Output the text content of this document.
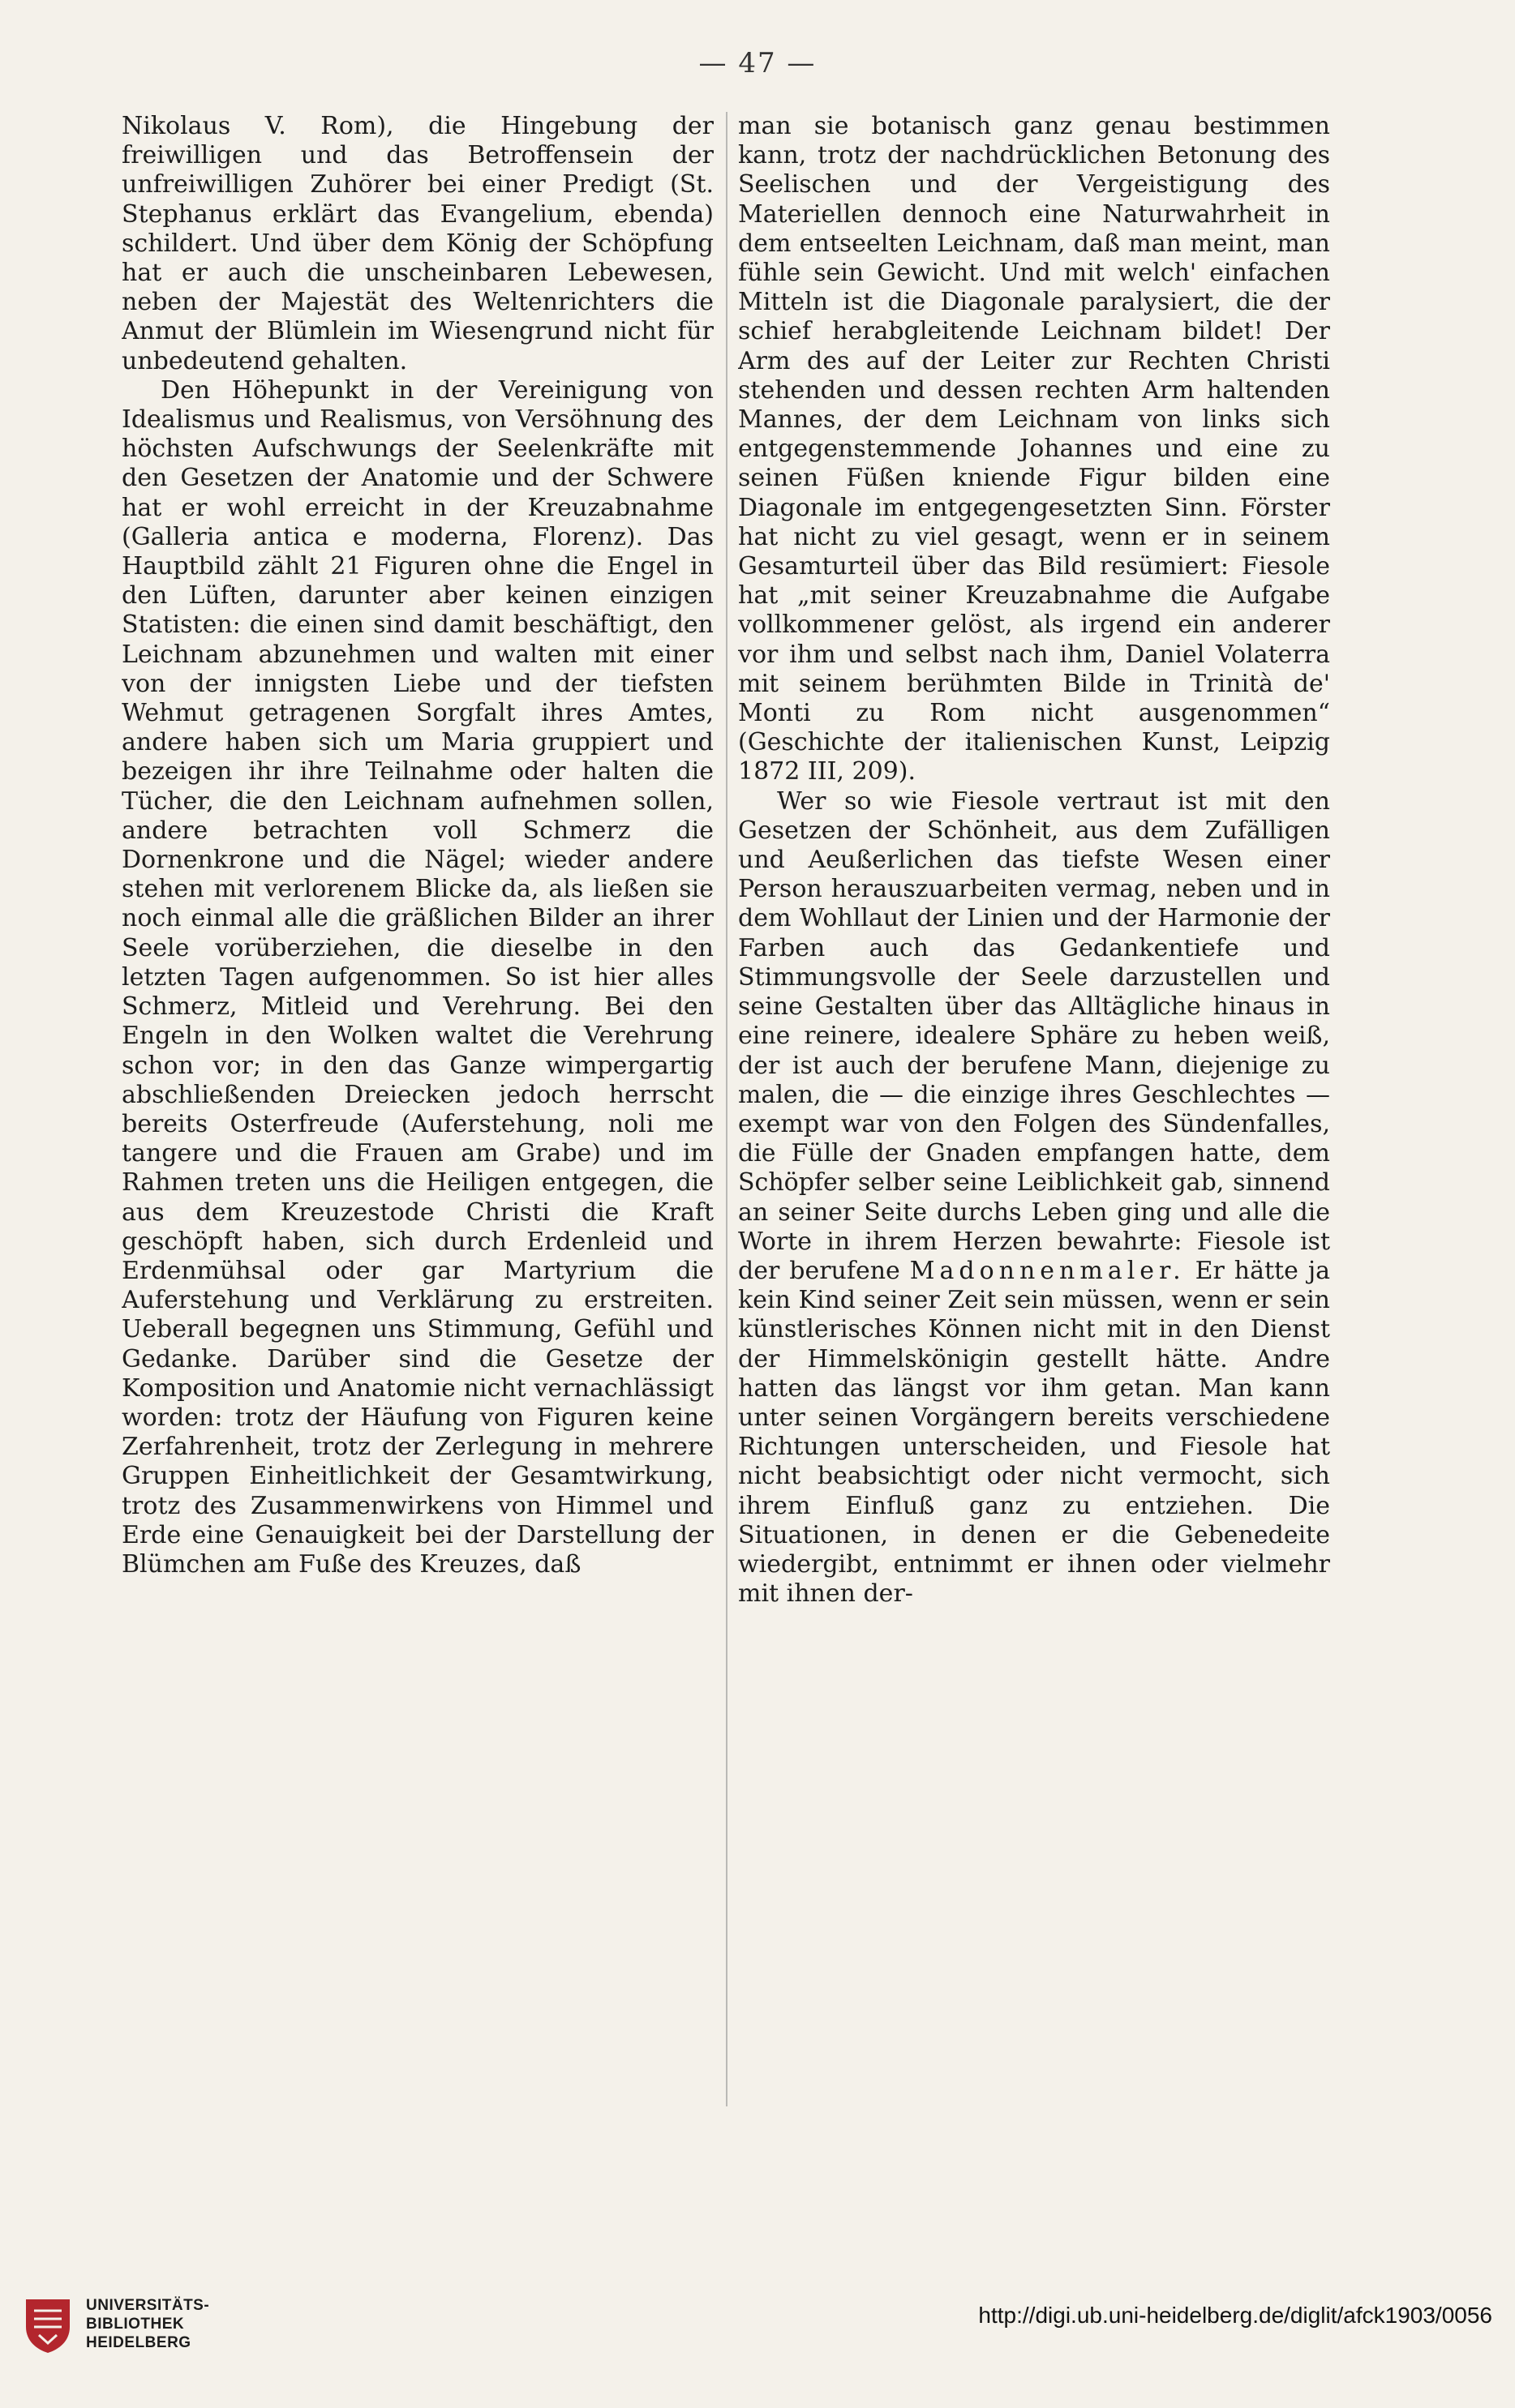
— 47 —

Nikolaus V. Rom), die Hingebung der freiwilligen und das Betroffensein der unfreiwilligen Zuhörer bei einer Predigt (St. Stephanus erklärt das Evangelium, ebenda) schildert. Und über dem König der Schöpfung hat er auch die unscheinbaren Lebewesen, neben der Majestät des Weltenrichters die Anmut der Blümlein im Wiesengrund nicht für unbedeutend gehalten.

Den Höhepunkt in der Vereinigung von Idealismus und Realismus, von Versöhnung des höchsten Aufschwungs der Seelenkräfte mit den Gesetzen der Anatomie und der Schwere hat er wohl erreicht in der Kreuzabnahme (Galleria antica e moderna, Florenz). Das Hauptbild zählt 21 Figuren ohne die Engel in den Lüften, darunter aber keinen einzigen Statisten: die einen sind damit beschäftigt, den Leichnam abzunehmen und walten mit einer von der innigsten Liebe und der tiefsten Wehmut getragenen Sorgfalt ihres Amtes, andere haben sich um Maria gruppiert und bezeigen ihr ihre Teilnahme oder halten die Tücher, die den Leichnam aufnehmen sollen, andere betrachten voll Schmerz die Dornenkrone und die Nägel; wieder andere stehen mit verlorenem Blicke da, als ließen sie noch einmal alle die gräßlichen Bilder an ihrer Seele vorüberziehen, die dieselbe in den letzten Tagen aufgenommen. So ist hier alles Schmerz, Mitleid und Verehrung. Bei den Engeln in den Wolken waltet die Verehrung schon vor; in den das Ganze wimpergartig abschließenden Dreiecken jedoch herrscht bereits Osterfreude (Auferstehung, noli me tangere und die Frauen am Grabe) und im Rahmen treten uns die Heiligen entgegen, die aus dem Kreuzestode Christi die Kraft geschöpft haben, sich durch Erdenleid und Erdenmühsal oder gar Martyrium die Auferstehung und Verklärung zu erstreiten. Ueberall begegnen uns Stimmung, Gefühl und Gedanke. Darüber sind die Gesetze der Komposition und Anatomie nicht vernachlässigt worden: trotz der Häufung von Figuren keine Zerfahrenheit, trotz der Zerlegung in mehrere Gruppen Einheitlichkeit der Gesamtwirkung, trotz des Zusammenwirkens von Himmel und Erde eine Genauigkeit bei der Darstellung der Blümchen am Fuße des Kreuzes, daß

man sie botanisch ganz genau bestimmen kann, trotz der nachdrücklichen Betonung des Seelischen und der Vergeistigung des Materiellen dennoch eine Naturwahrheit in dem entseelten Leichnam, daß man meint, man fühle sein Gewicht. Und mit welch' einfachen Mitteln ist die Diagonale paralysiert, die der schief herabgleitende Leichnam bildet! Der Arm des auf der Leiter zur Rechten Christi stehenden und dessen rechten Arm haltenden Mannes, der dem Leichnam von links sich entgegenstemmende Johannes und eine zu seinen Füßen kniende Figur bilden eine Diagonale im entgegengesetzten Sinn. Förster hat nicht zu viel gesagt, wenn er in seinem Gesamturteil über das Bild resümiert: Fiesole hat „mit seiner Kreuzabnahme die Aufgabe vollkommener gelöst, als irgend ein anderer vor ihm und selbst nach ihm, Daniel Volaterra mit seinem berühmten Bilde in Trinità de' Monti zu Rom nicht ausgenommen“ (Geschichte der italienischen Kunst, Leipzig 1872 III, 209).

Wer so wie Fiesole vertraut ist mit den Gesetzen der Schönheit, aus dem Zufälligen und Aeußerlichen das tiefste Wesen einer Person herauszuarbeiten vermag, neben und in dem Wohllaut der Linien und der Harmonie der Farben auch das Gedankentiefe und Stimmungsvolle der Seele darzustellen und seine Gestalten über das Alltägliche hinaus in eine reinere, idealere Sphäre zu heben weiß, der ist auch der berufene Mann, diejenige zu malen, die — die einzige ihres Geschlechtes — exempt war von den Folgen des Sündenfalles, die Fülle der Gnaden empfangen hatte, dem Schöpfer selber seine Leiblichkeit gab, sinnend an seiner Seite durchs Leben ging und alle die Worte in ihrem Herzen bewahrte: Fiesole ist der berufene Madonnenmaler. Er hätte ja kein Kind seiner Zeit sein müssen, wenn er sein künstlerisches Können nicht mit in den Dienst der Himmelskönigin gestellt hätte. Andre hatten das längst vor ihm getan. Man kann unter seinen Vorgängern bereits verschiedene Richtungen unterscheiden, und Fiesole hat nicht beabsichtigt oder nicht vermocht, sich ihrem Einfluß ganz zu entziehen. Die Situationen, in denen er die Gebenedeite wiedergibt, entnimmt er ihnen oder vielmehr mit ihnen der-

UNIVERSITÄTS-
BIBLIOTHEK
HEIDELBERG
http://digi.ub.uni-heidelberg.de/diglit/afck1903/0056
